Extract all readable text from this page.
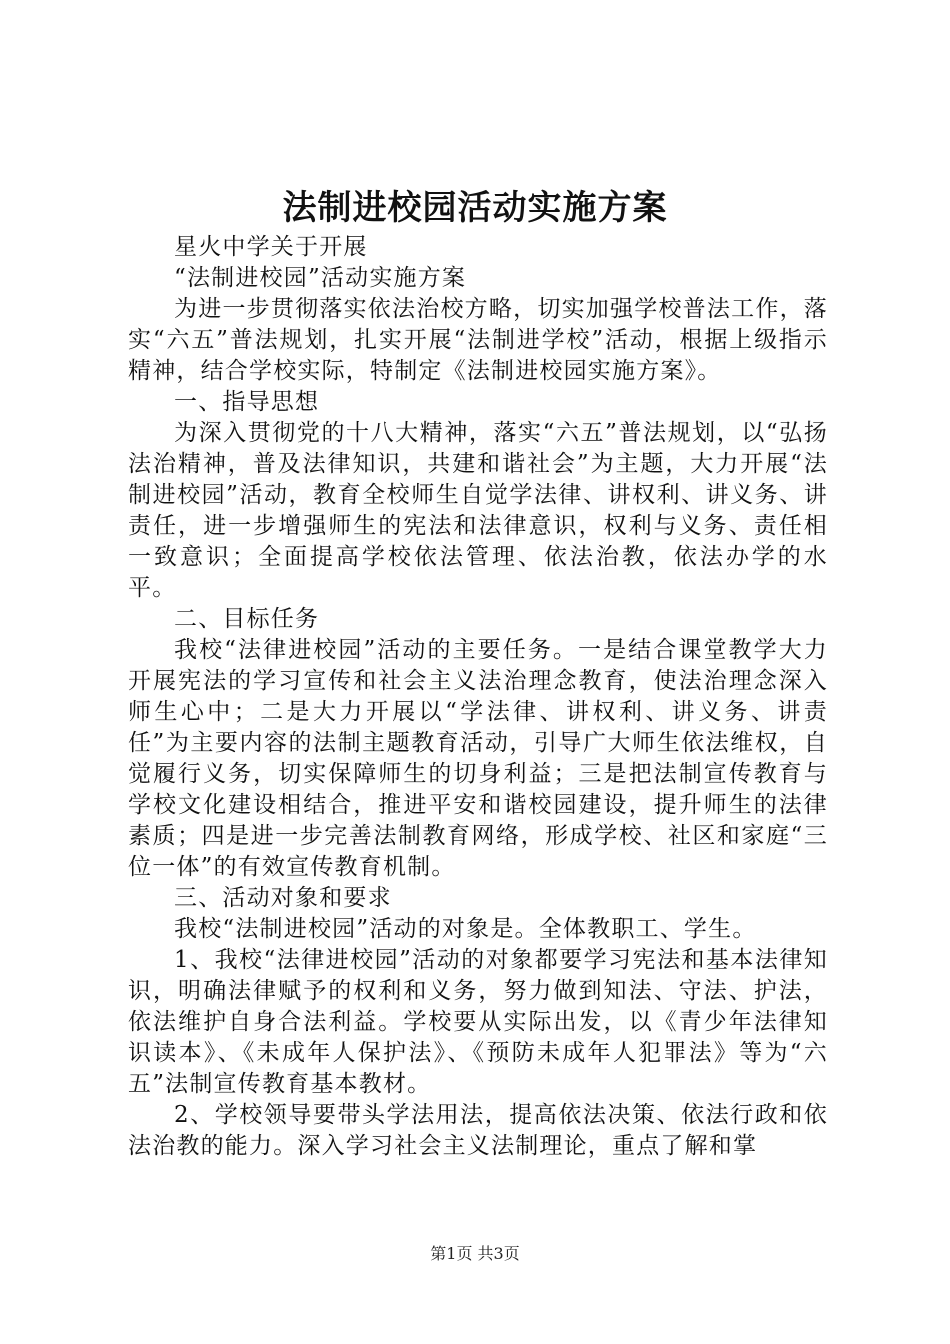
法制进校园活动实施方案

星火中学关于开展

“法制进校园”活动实施方案

为进一步贯彻落实依法治校方略，切实加强学校普法工作，落实“六五”普法规划，扎实开展“法制进学校”活动，根据上级指示精神，结合学校实际，特制定《法制进校园实施方案》。

一、指导思想

为深入贯彻党的十八大精神，落实“六五”普法规划，以“弘扬法治精神，普及法律知识，共建和谐社会”为主题，大力开展“法制进校园”活动，教育全校师生自觉学法律、讲权利、讲义务、讲责任，进一步增强师生的宪法和法律意识，权利与义务、责任相一致意识；全面提高学校依法管理、依法治教，依法办学的水平。

二、目标任务

我校“法律进校园”活动的主要任务。一是结合课堂教学大力开展宪法的学习宣传和社会主义法治理念教育，使法治理念深入师生心中；二是大力开展以“学法律、讲权利、讲义务、讲责任”为主要内容的法制主题教育活动，引导广大师生依法维权，自觉履行义务，切实保障师生的切身利益；三是把法制宣传教育与学校文化建设相结合，推进平安和谐校园建设，提升师生的法律素质；四是进一步完善法制教育网络，形成学校、社区和家庭“三位一体”的有效宣传教育机制。

三、活动对象和要求

我校“法制进校园”活动的对象是。全体教职工、学生。

1、我校“法律进校园”活动的对象都要学习宪法和基本法律知识，明确法律赋予的权利和义务，努力做到知法、守法、护法，依法维护自身合法利益。学校要从实际出发，以《青少年法律知识读本》、《未成年人保护法》、《预防未成年人犯罪法》等为“六五”法制宣传教育基本教材。

2、学校领导要带头学法用法，提高依法决策、依法行政和依法治教的能力。深入学习社会主义法制理论，重点了解和掌

第1页 共3页
